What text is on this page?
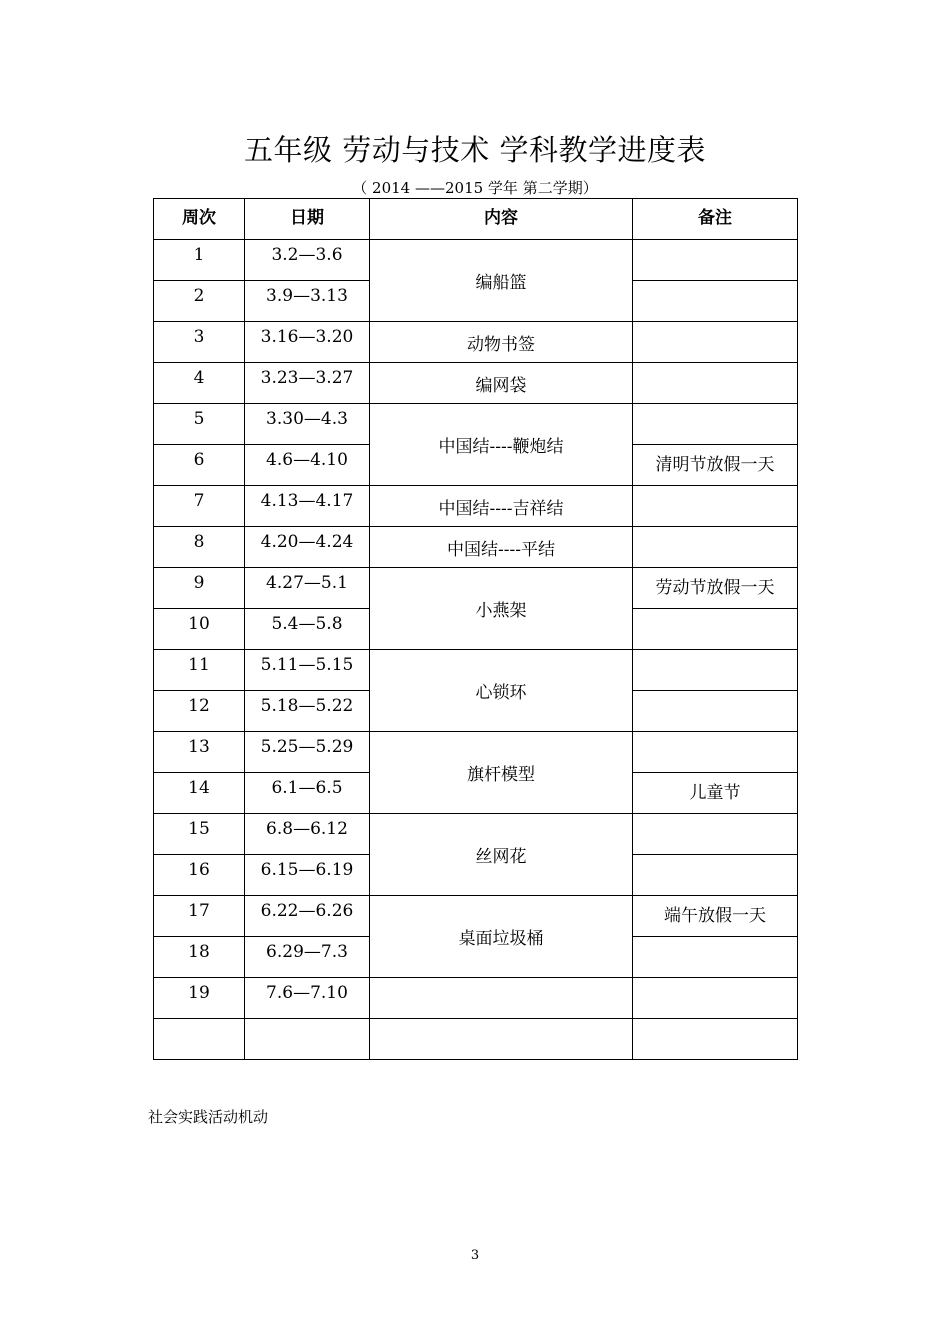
五年级 劳动与技术 学科教学进度表
（ 2014 ——2015 学年 第二学期）
周次	日期	内容	备注
1	3.2—3.6	编船篮	
2	3.9—3.13		
3	3.16—3.20	动物书签	
4	3.23—3.27	编网袋	
5	3.30—4.3	中国结----鞭炮结	
6	4.6—4.10		清明节放假一天
7	4.13—4.17	中国结----吉祥结	
8	4.20—4.24	中国结----平结	
9	4.27—5.1	小燕架	劳动节放假一天
10	5.4—5.8		
11	5.11—5.15	心锁环	
12	5.18—5.22		
13	5.25—5.29	旗杆模型	
14	6.1—6.5		儿童节
15	6.8—6.12	丝网花	
16	6.15—6.19		
17	6.22—6.26	桌面垃圾桶	端午放假一天
18	6.29—7.3		
19	7.6—7.10		

社会实践活动机动
3
